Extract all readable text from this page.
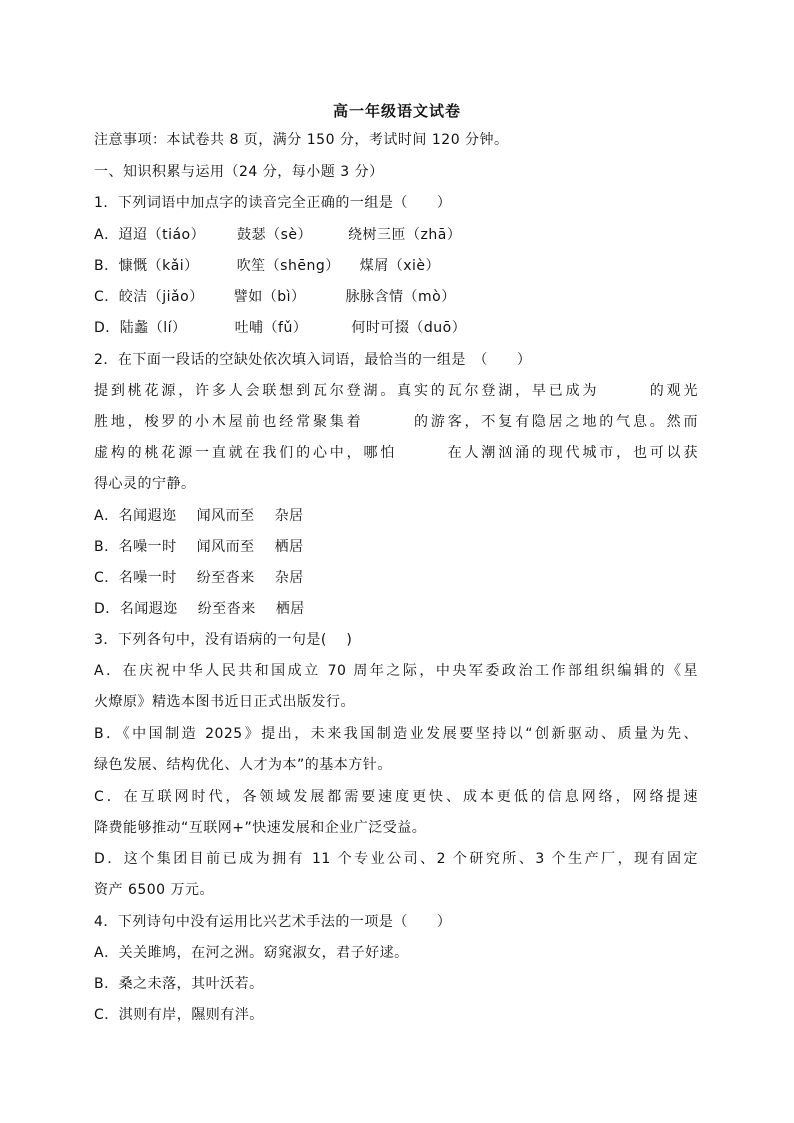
高一年级语文试卷
注意事项：本试卷共 8 页，满分 150 分，考试时间 120 分钟。
一、知识积累与运用（24 分，每小题 3 分）
1．下列词语中加点字的读音完全正确的一组是（　　）
A．迢迢（tiáo） 鼓瑟（sè）	绕树三匝（zhā）
B．慷慨（kǎi）	吹笙（shēng） 煤屑（xiè）
C．皎洁（jiǎo） 譬如（bì）	脉脉含情（mò）
D．陆蠡（lí）	吐哺（fǔ）	何时可掇（duō）
2．在下面一段话的空缺处依次填入词语，最恰当的一组是　（　　）
提到桃花源，许多人会联想到瓦尔登湖。真实的瓦尔登湖，早已成为　　　的观光
胜地，梭罗的小木屋前也经常聚集着　　　的游客，不复有隐居之地的气息。然而
虚构的桃花源一直就在我们的心中，哪怕　　　在人潮汹涌的现代城市，也可以获
得心灵的宁静。
A．名闻遐迩 闻风而至 杂居
B．名噪一时 闻风而至 栖居
C．名噪一时 纷至沓来 杂居
D．名闻遐迩 纷至沓来 栖居
3．下列各句中，没有语病的一句是(　 )
A．在庆祝中华人民共和国成立 70 周年之际，中央军委政治工作部组织编辑的《星
火燎原》精选本图书近日正式出版发行。
B．《中国制造 2025》提出，未来我国制造业发展要坚持以“创新驱动、质量为先、
绿色发展、结构优化、人才为本”的基本方针。
C．在互联网时代，各领域发展都需要速度更快、成本更低的信息网络，网络提速
降费能够推动“互联网+”快速发展和企业广泛受益。
D．这个集团目前已成为拥有 11 个专业公司、2 个研究所、3 个生产厂，现有固定
资产 6500 万元。
4．下列诗句中没有运用比兴艺术手法的一项是（　　）
A．关关雎鸠，在河之洲。窈窕淑女，君子好逑。
B．桑之未落，其叶沃若。
C．淇则有岸，隰则有泮。
